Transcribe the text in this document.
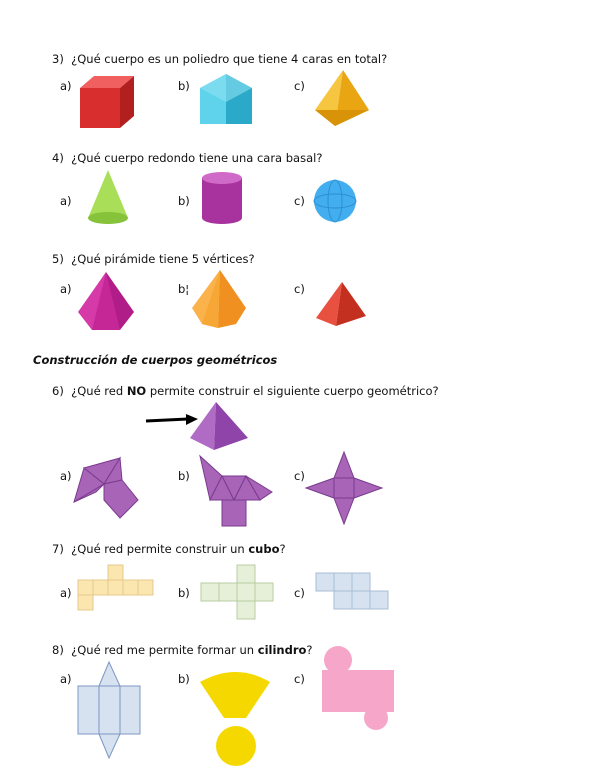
3) ¿Qué cuerpo es un poliedro que tiene 4 caras en total?
a)	b)	c)
4) ¿Qué cuerpo redondo tiene una cara basal?
a)	b)	c)
5) ¿Qué pirámide tiene 5 vértices?
a)	b¦	c)
Construcción de cuerpos geométricos
6) ¿Qué red NO permite construir el siguiente cuerpo geométrico?
a)	b)	c)
7) ¿Qué red permite construir un cubo?
a)	b)	c)
8) ¿Qué red me permite formar un cilindro?
a)	b)	c)
